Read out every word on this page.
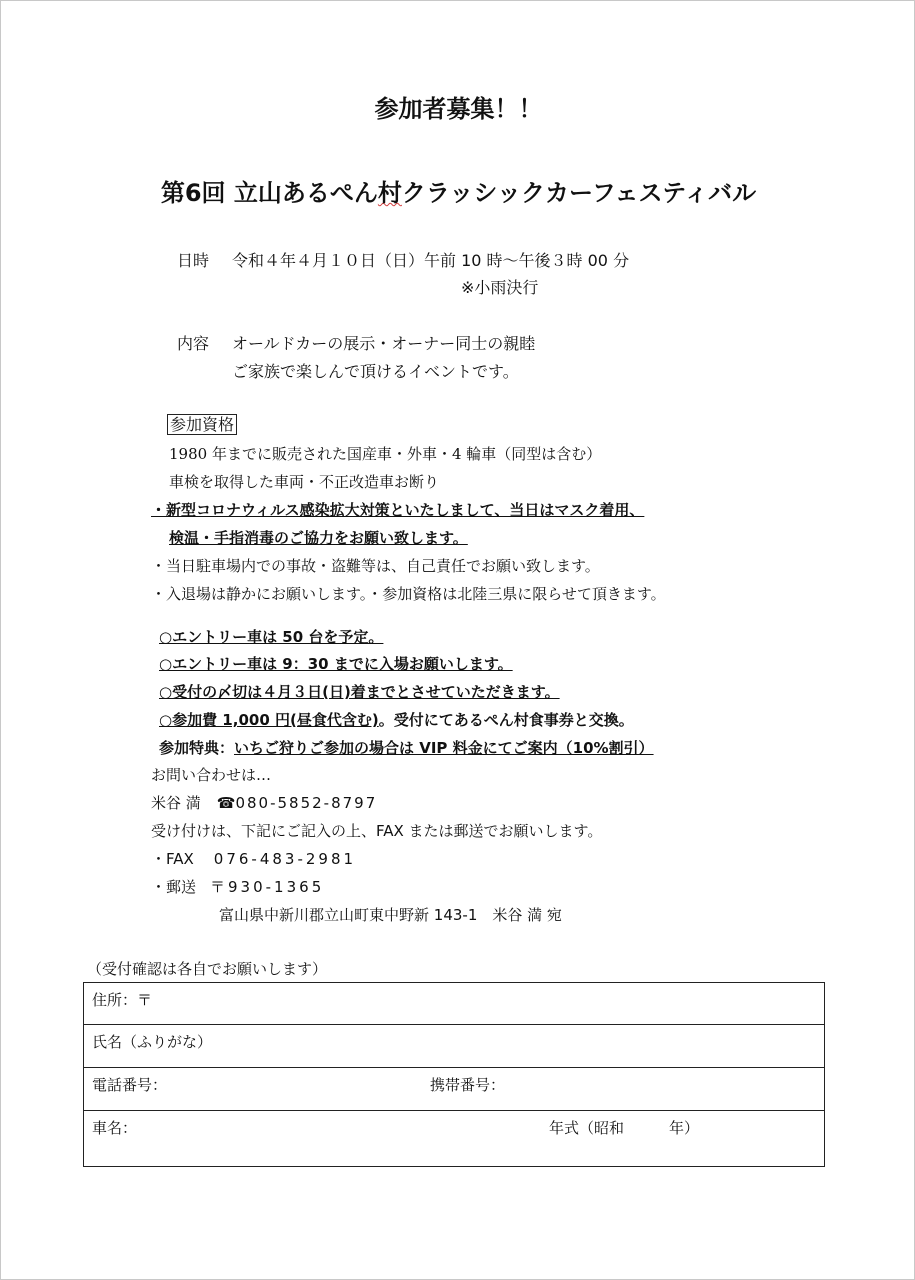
参加者募集！！
第6回 立山あるぺん村クラッシックカーフェスティバル
日時 令和４年４月１０日（日）午前 10 時～午後３時 00 分
※小雨決行
内容 オールドカーの展示・オーナー同士の親睦
ご家族で楽しんで頂けるイベントです。
参加資格
1980 年までに販売された国産車・外車・4 輪車（同型は含む）
車検を取得した車両・不正改造車お断り
・新型コロナウィルス感染拡大対策といたしまして、当日はマスク着用、
検温・手指消毒のご協力をお願い致します。
・当日駐車場内での事故・盗難等は、自己責任でお願い致します。
・入退場は静かにお願いします。・参加資格は北陸三県に限らせて頂きます。
○エントリー車は 50 台を予定。
○エントリー車は 9：30 までに入場お願いします。
○受付の〆切は４月３日(日)着までとさせていただきます。
○参加費 1,000 円(昼食代含む)。受付にてあるぺん村食事券と交換。
参加特典：いちご狩りご参加の場合は VIP 料金にてご案内（10%割引）
お問い合わせは…
米谷 満 ☎080-5852-8797
受け付けは、下記にご記入の上、FAX または郵送でお願いします。
・FAX 076-483-2981
・郵送 〒930-1365
富山県中新川郡立山町東中野新 143-1　米谷 満 宛
（受付確認は各自でお願いします）
住所：〒
氏名（ふりがな）

電話番号：	携帯番号：

車名：	年式（昭和　　　年）
